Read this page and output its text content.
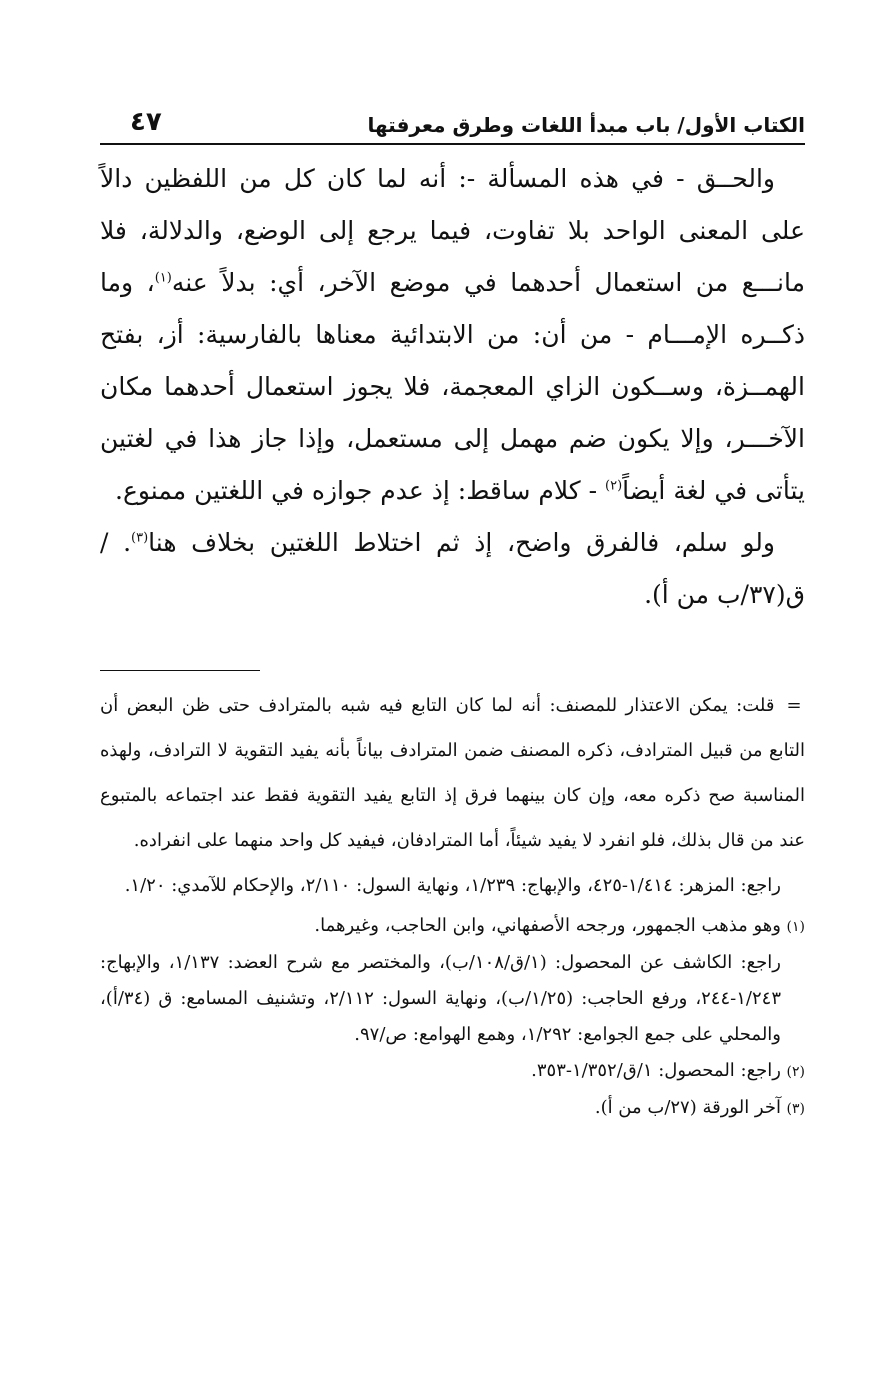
الكتاب الأول/ باب مبدأ اللغات وطرق معرفتها
٤٧

والحــق - في هذه المسألة -: أنه لما كان كل من اللفظين دالاً على المعنى الواحد بلا تفاوت، فيما يرجع إلى الوضع، والدلالة، فلا مانـــع من استعمال أحدهما في موضع الآخر، أي: بدلاً عنه$^{(١)}$، وما ذكــره الإمـــام - من أن: من الابتدائية معناها بالفارسية: أز، بفتح الهمــزة، وســكون الزاي المعجمة، فلا يجوز استعمال أحدهما مكان الآخـــر، وإلا يكون ضم مهمل إلى مستعمل، وإذا جاز هذا في لغتين يتأتى في لغة أيضاً$^{(٢)}$ - كلام ساقط: إذ عدم جوازه في اللغتين ممنوع.

ولو سلم، فالفرق واضح، إذ ثم اختلاط اللغتين بخلاف هنا$^{(٣)}$. / ق(٣٧/ب من أ).

= قلت: يمكن الاعتذار للمصنف: أنه لما كان التابع فيه شبه بالمترادف حتى ظن البعض أن التابع من قبيل المترادف، ذكره المصنف ضمن المترادف بياناً بأنه يفيد التقوية لا الترادف، ولهذه المناسبة صح ذكره معه، وإن كان بينهما فرق إذ التابع يفيد التقوية فقط عند اجتماعه بالمتبوع عند من قال بذلك، فلو انفرد لا يفيد شيئاً، أما المترادفان، فيفيد كل واحد منهما على انفراده.

راجع: المزهر: ١/٤١٤-٤٢٥، والإبهاج: ١/٢٣٩، ونهاية السول: ٢/١١٠، والإحكام للآمدي: ١/٢٠.

(١)وهو مذهب الجمهور، ورجحه الأصفهاني، وابن الحاجب، وغيرهما.

راجع: الكاشف عن المحصول: (١/ق/١٠٨/ب)، والمختصر مع شرح العضد: ١/١٣٧، والإبهاج: ١/٢٤٣-٢٤٤، ورفع الحاجب: (١/٢٥/ب)، ونهاية السول: ٢/١١٢، وتشنيف المسامع: ق (٣٤/أ)، والمحلي على جمع الجوامع: ١/٢٩٢، وهمع الهوامع: ص/٩٧.

(٢)راجع: المحصول: ١/ق/١/٣٥٢-٣٥٣.

(٣)آخر الورقة (٢٧/ب من أ).
